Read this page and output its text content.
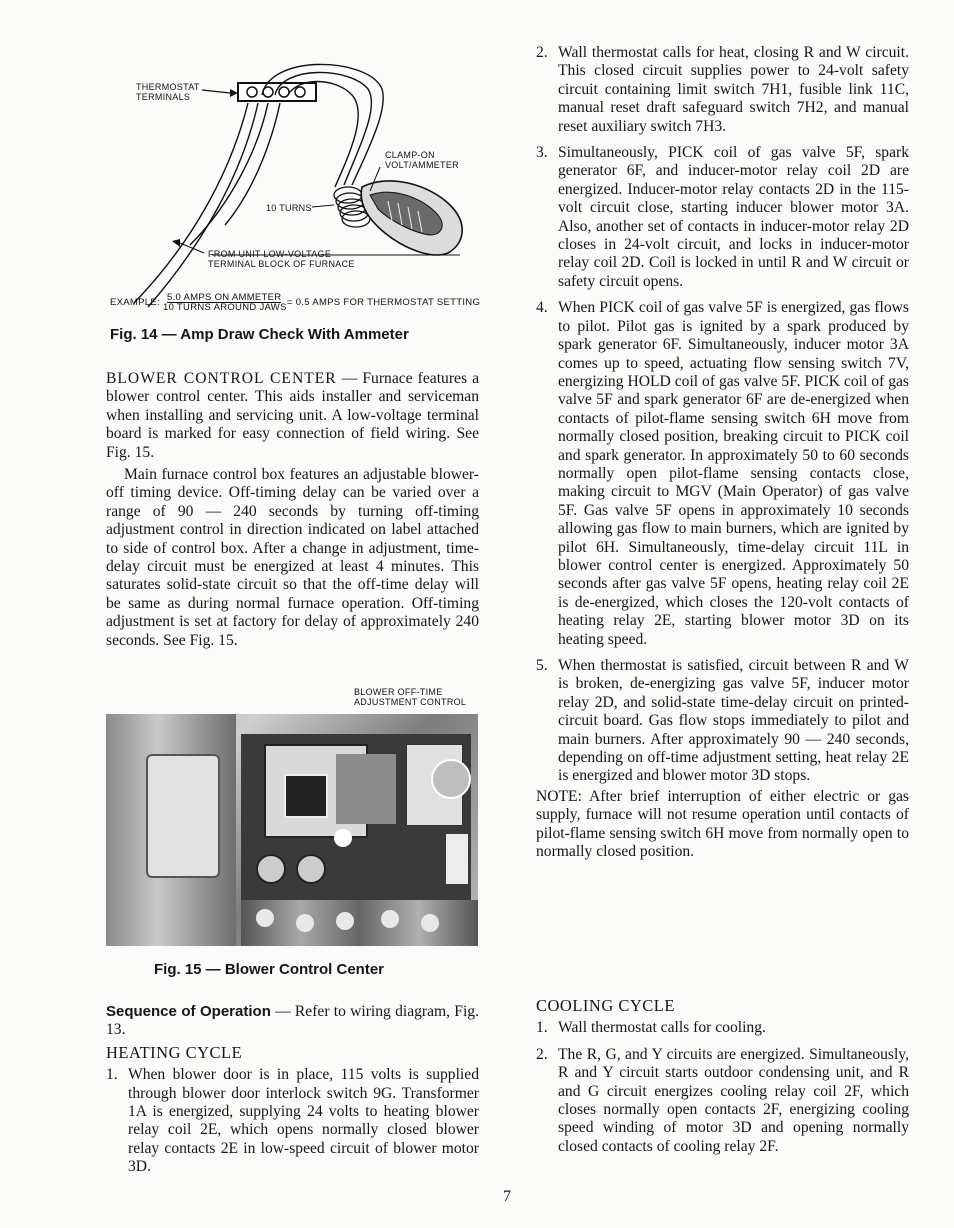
THERMOSTAT
TERMINALS
CLAMP-ON
VOLT/AMMETER
10 TURNS
FROM UNIT LOW-VOLTAGE
TERMINAL BLOCK OF FURNACE
EXAMPLE: 5.0 AMPS ON AMMETER
10 TURNS AROUND JAWS = 0.5 AMPS FOR THERMOSTAT SETTING
Fig. 14 — Amp Draw Check With Ammeter

BLOWER CONTROL CENTER — Furnace features a blower control center. This aids installer and serviceman when installing and servicing unit. A low-voltage terminal board is marked for easy connection of field wiring. See Fig. 15.

Main furnace control box features an adjustable blower-off timing device. Off-timing delay can be varied over a range of 90 — 240 seconds by turning off-timing adjustment control in direction indicated on label attached to side of control box. After a change in adjustment, time-delay circuit must be energized at least 4 minutes. This saturates solid-state circuit so that the off-time delay will be same as during normal furnace operation. Off-timing adjustment is set at factory for delay of approximately 240 seconds. See Fig. 15.

BLOWER OFF-TIME
ADJUSTMENT CONTROL
Fig. 15 — Blower Control Center

Sequence of Operation — Refer to wiring diagram, Fig. 13.

HEATING CYCLE
1. When blower door is in place, 115 volts is supplied through blower door interlock switch 9G. Transformer 1A is energized, supplying 24 volts to heating blower relay coil 2E, which opens normally closed blower relay contacts 2E in low-speed circuit of blower motor 3D.
2. Wall thermostat calls for heat, closing R and W circuit. This closed circuit supplies power to 24-volt safety circuit containing limit switch 7H1, fusible link 11C, manual reset draft safeguard switch 7H2, and manual reset auxiliary switch 7H3.
3. Simultaneously, PICK coil of gas valve 5F, spark generator 6F, and inducer-motor relay coil 2D are energized. Inducer-motor relay contacts 2D in the 115-volt circuit close, starting inducer blower motor 3A. Also, another set of contacts in inducer-motor relay 2D closes in 24-volt circuit, and locks in inducer-motor relay coil 2D. Coil is locked in until R and W circuit or safety circuit opens.
4. When PICK coil of gas valve 5F is energized, gas flows to pilot. Pilot gas is ignited by a spark produced by spark generator 6F. Simultaneously, inducer motor 3A comes up to speed, actuating flow sensing switch 7V, energizing HOLD coil of gas valve 5F. PICK coil of gas valve 5F and spark generator 6F are de-energized when contacts of pilot-flame sensing switch 6H move from normally closed position, breaking circuit to PICK coil and spark generator. In approximately 50 to 60 seconds normally open pilot-flame sensing contacts close, making circuit to MGV (Main Operator) of gas valve 5F. Gas valve 5F opens in approximately 10 seconds allowing gas flow to main burners, which are ignited by pilot 6H. Simultaneously, time-delay circuit 11L in blower control center is energized. Approximately 50 seconds after gas valve 5F opens, heating relay coil 2E is de-energized, which closes the 120-volt contacts of heating relay 2E, starting blower motor 3D on its heating speed.
5. When thermostat is satisfied, circuit between R and W is broken, de-energizing gas valve 5F, inducer motor relay 2D, and solid-state time-delay circuit on printed-circuit board. Gas flow stops immediately to pilot and main burners. After approximately 90 — 240 seconds, depending on off-time adjustment setting, heat relay 2E is energized and blower motor 3D stops.

NOTE: After brief interruption of either electric or gas supply, furnace will not resume operation until contacts of pilot-flame sensing switch 6H move from normally open to normally closed position.

COOLING CYCLE
1. Wall thermostat calls for cooling.
2. The R, G, and Y circuits are energized. Simultaneously, R and Y circuit starts outdoor condensing unit, and R and G circuit energizes cooling relay coil 2F, which closes normally open contacts 2F, energizing cooling speed winding of motor 3D and opening normally closed contacts of cooling relay 2F.
7
